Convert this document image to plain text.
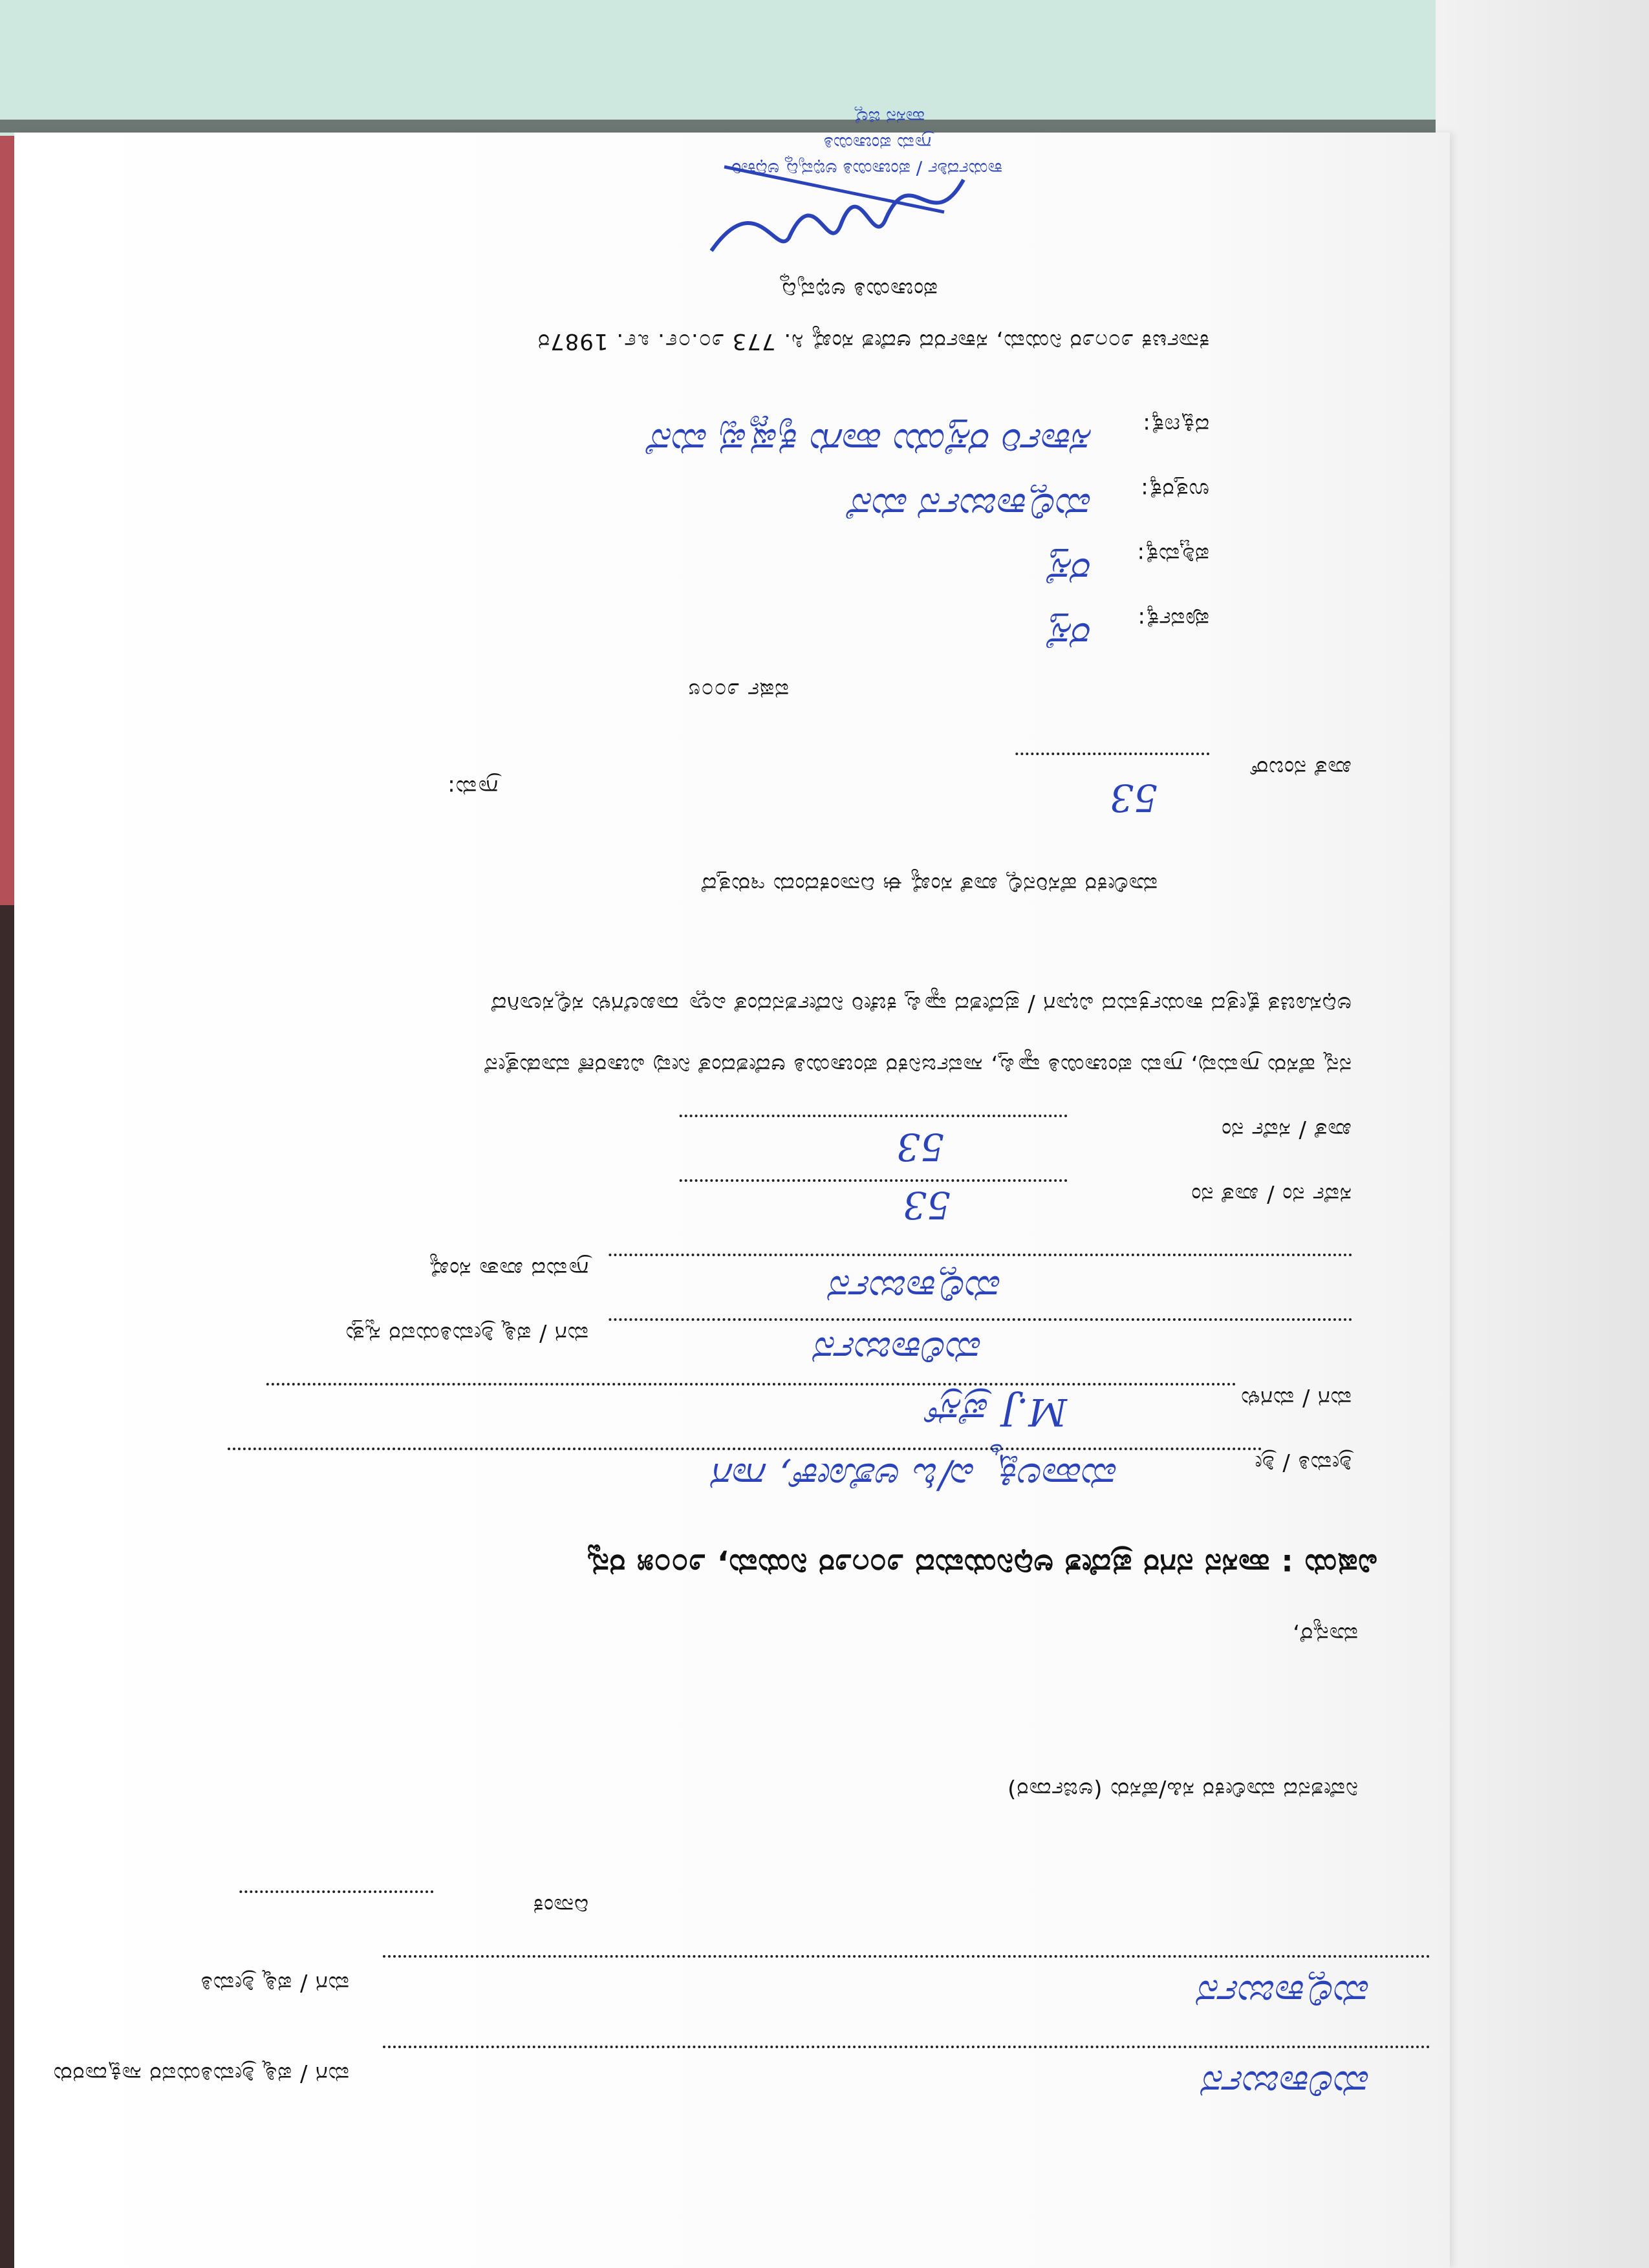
ಮಗ / ಪತ್ನಿ ಶ್ರೀಮತಿಯವರ ಸಾಕ್ಷಿದಾರರು	ಮಲಿಕಾರ್ಜುನ
ಮಗ / ಪತ್ನಿ ಶ್ರೀಮತಿ	ಮಲ್ಲಿಕಾರ್ಜುನ
ದಿನಾಂಕ
ನಿವೇಶನದ ಮಾಲೀಕರ ಸಹಿ/ಹೆಸರು (ಅರ್ಜಿದಾರ)
ಮಾನ್ಯರೆ,
ವಿಷಯ : ಹಾಸನ ನಗರ ಪ್ರದೇಶ ಅಧಿನಿಯಮದ ೨೦೧೨ರ ನಿಯಮ, ೨೦೦೫ ರನ್ವ
ಶ್ರೀಮತಿ / ಶ್ರೀ
ಮಹಾಲಕ್ಷ್ಮಿ ಎ/ಓ ಅಶೋಕ್, ಗಾಗ
ಮಗ / ಮಗಳು
M.J ಪ್ರೆಸ್ರ್
ಮಗ / ಪತ್ನಿ ಶ್ರೀಮತಿಯವರ ಸ್ವತ್ತು	ಮಲಿಕಾರ್ಜುನ
ಗ್ರಾಮದ ಖಾತಾ ಸಂಖ್ಯೆ	ಮಲ್ಲಿಕಾರ್ಜುನ
ಸರ್ವೆ ನಂ / ಖಾತೆ ನಂ
53
ಖಾತೆ / ಸರ್ವೆ ನಂ
53
ನನ್ನ ಹೆಸರು ಗ್ರಾಮವು, ಗ್ರಾಮ ಪಂಚಾಯಿತಿ ವ್ಯಾಪ್ತಿ, ಸಾರ್ವಜನಿಕರ ಪಂಚಾಯಿತಿ ಆದೇಶದಂತೆ ನೀವು ವಿಚಾರಣೆ ಮಾಡುತ್ತೇನೆ
ಅಧಿಸೂಚಿತ ಕ್ಷೇತ್ರದ ಕಾರ್ಯಕ್ರಮದ ವಿಭಾಗ / ಪ್ರದೇಶದ ವ್ಯಾಪ್ತಿ ಕಚೇರಿ ನಿರ್ದೇಶನದಂತೆ ಎಲ್ಲಾ ದಾಖಲೆಗಳು ಸಲ್ಲಿಸಲಾಗಿದೆ
ಮಾಲೀಕರ ಹೆಸರಿನಲ್ಲಿ ಖಾತೆ ಸಂಖ್ಯೆ ಈ ದಿನಾಂಕದಂದು ಇರುತ್ತದೆ
ಗ್ರಾಮ:
ಖಾತೆ ನಂಬರ್
53
ವರ್ಷ ೨೦೦೮
ಪೂರ್ವಕ್ಕೆ:
ರಸ್ತೆ
ಪಶ್ಚಿಮಕ್ಕೆ:
ರಸ್ತೆ
ಉತ್ತರಕ್ಕೆ:
ಮಲ್ಲಿಕಾರ್ಜುನ ಮನೆ
ದಕ್ಷಿಣಕ್ಕೆ:
ಸರ್ಕಾರಿ ರಸ್ತೆಯು ಹಾಗು ಕೃಷ್ಣಪ್ಪ ಮನೆ
ಕರ್ನಾಟಕ ೨೦೧೨ರ ನಿಯಮ, ಸರ್ಕಾರದ ಆದೇಶ ಸಂಖ್ಯೆ ಸಿ. 773 ೨೦.೦೯. ೩೯. 1987ರ
ಪಂಚಾಯಿತಿ ಅಭಿವೃದ್ಧಿ
ಕಾರ್ಯದರ್ಶಿ / ಪಂಚಾಯಿತಿ ಅಭಿವೃದ್ಧಿ ಅಧಿಕಾರಿ
ಗ್ರಾಮ ಪಂಚಾಯಿತಿ
ಹಾಸನ ಜಿಲ್ಲೆ
